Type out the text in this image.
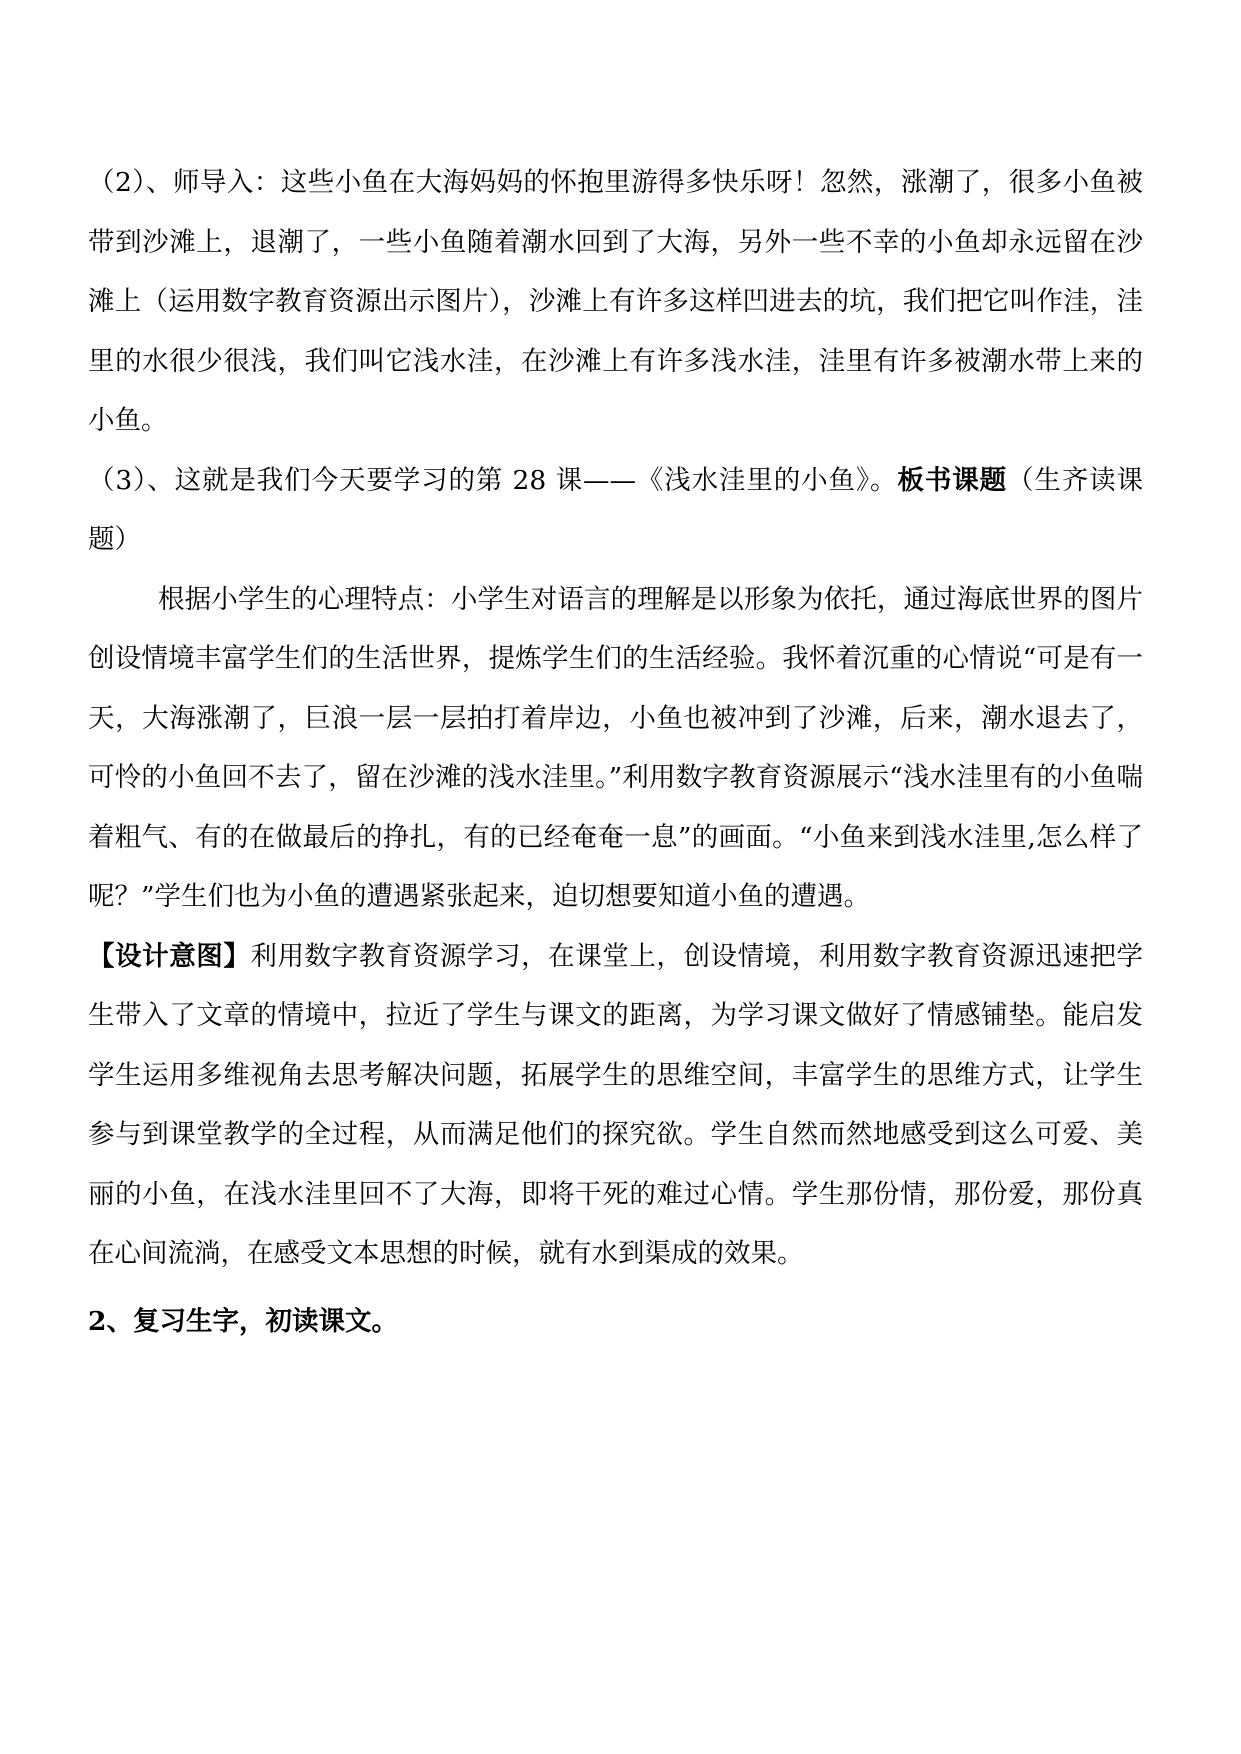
（2）、师导入：这些小鱼在大海妈妈的怀抱里游得多快乐呀！忽然，涨潮了，很多小鱼被带到沙滩上，退潮了，一些小鱼随着潮水回到了大海，另外一些不幸的小鱼却永远留在沙滩上（运用数字教育资源出示图片），沙滩上有许多这样凹进去的坑，我们把它叫作洼，洼里的水很少很浅，我们叫它浅水洼，在沙滩上有许多浅水洼，洼里有许多被潮水带上来的小鱼。

（3）、这就是我们今天要学习的第 28 课——《浅水洼里的小鱼》。板书课题（生齐读课题）

根据小学生的心理特点：小学生对语言的理解是以形象为依托，通过海底世界的图片创设情境丰富学生们的生活世界，提炼学生们的生活经验。我怀着沉重的心情说“可是有一天，大海涨潮了，巨浪一层一层拍打着岸边，小鱼也被冲到了沙滩，后来，潮水退去了，可怜的小鱼回不去了，留在沙滩的浅水洼里。”利用数字教育资源展示“浅水洼里有的小鱼喘着粗气、有的在做最后的挣扎，有的已经奄奄一息”的画面。“小鱼来到浅水洼里,怎么样了呢？”学生们也为小鱼的遭遇紧张起来，迫切想要知道小鱼的遭遇。

【设计意图】利用数字教育资源学习，在课堂上，创设情境，利用数字教育资源迅速把学生带入了文章的情境中，拉近了学生与课文的距离，为学习课文做好了情感铺垫。能启发学生运用多维视角去思考解决问题，拓展学生的思维空间，丰富学生的思维方式，让学生参与到课堂教学的全过程，从而满足他们的探究欲。学生自然而然地感受到这么可爱、美丽的小鱼，在浅水洼里回不了大海，即将干死的难过心情。学生那份情，那份爱，那份真在心间流淌，在感受文本思想的时候，就有水到渠成的效果。

2、复习生字，初读课文。
